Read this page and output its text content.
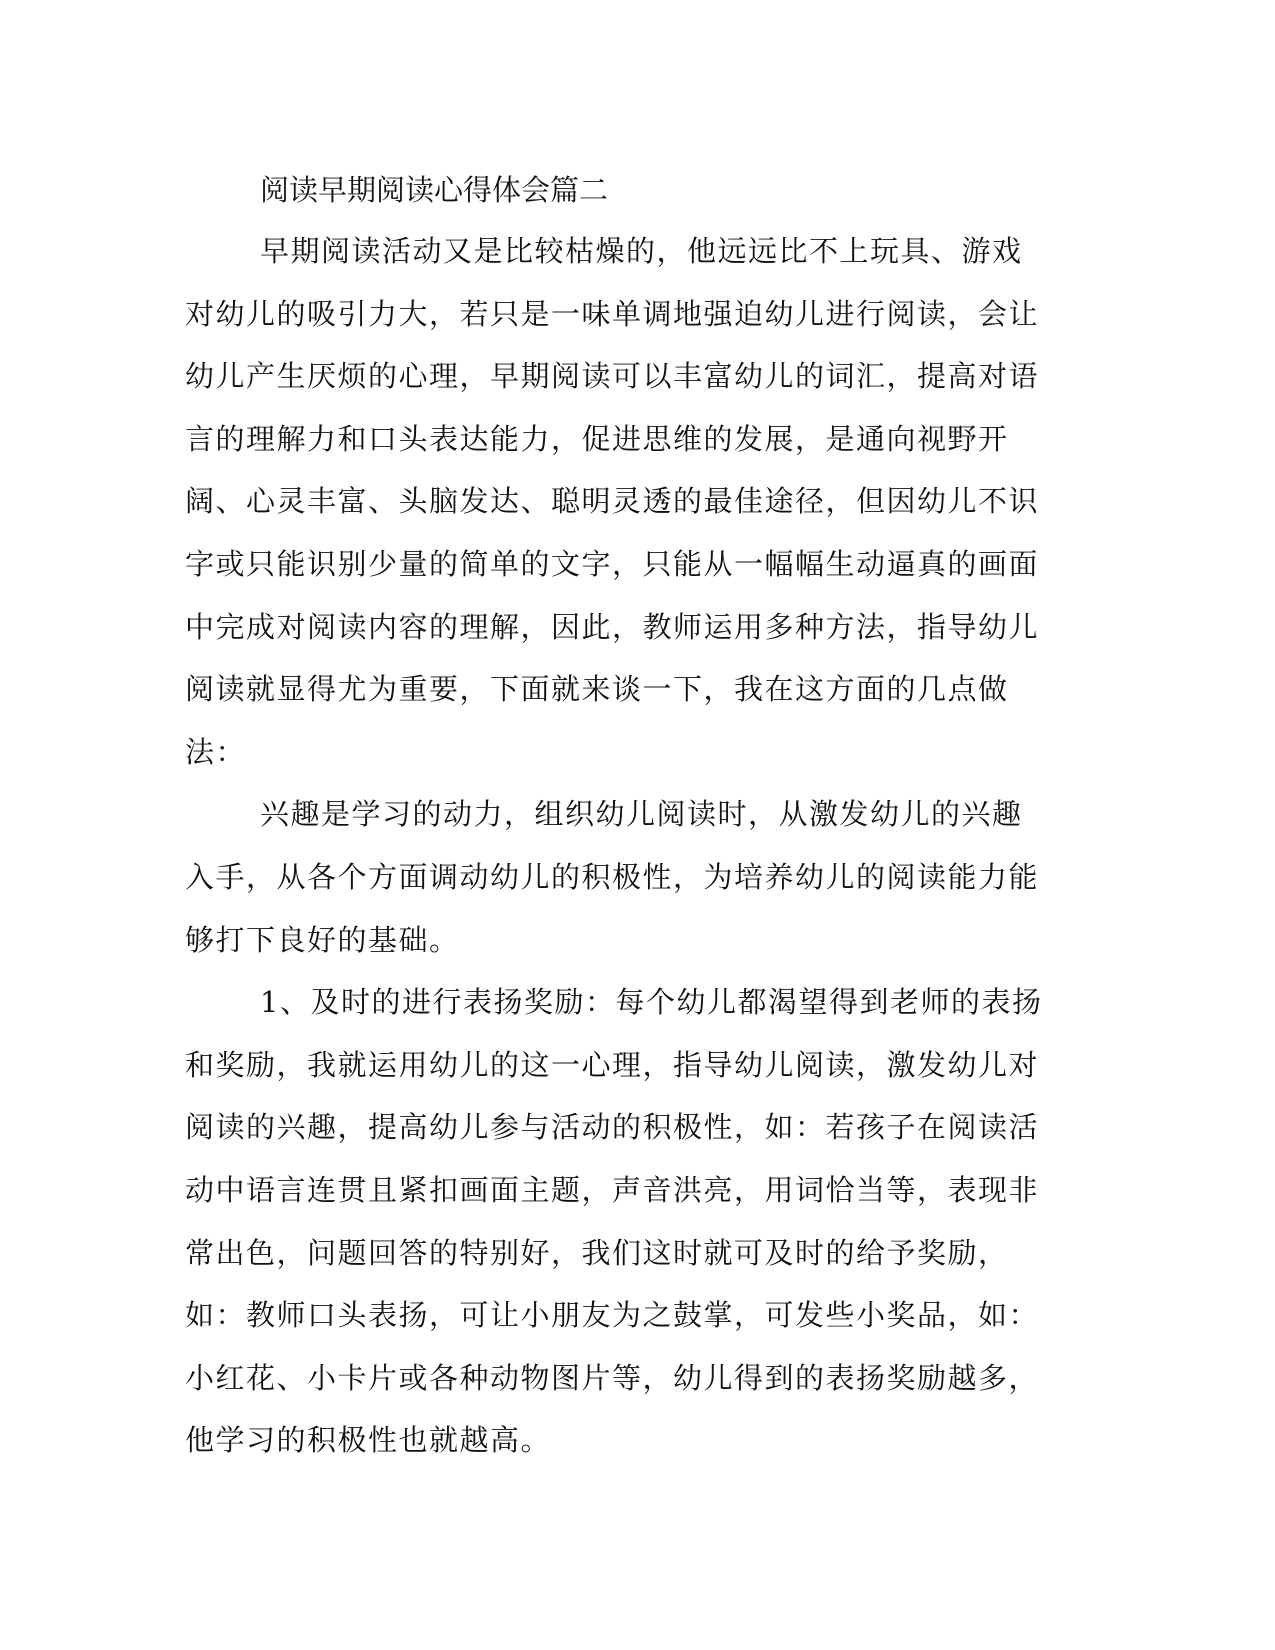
阅读早期阅读心得体会篇二

早期阅读活动又是比较枯燥的，他远远比不上玩具、游戏对幼儿的吸引力大，若只是一味单调地强迫幼儿进行阅读，会让幼儿产生厌烦的心理，早期阅读可以丰富幼儿的词汇，提高对语言的理解力和口头表达能力，促进思维的发展，是通向视野开阔、心灵丰富、头脑发达、聪明灵透的最佳途径，但因幼儿不识字或只能识别少量的简单的文字，只能从一幅幅生动逼真的画面中完成对阅读内容的理解，因此，教师运用多种方法，指导幼儿阅读就显得尤为重要，下面就来谈一下，我在这方面的几点做法：

兴趣是学习的动力，组织幼儿阅读时，从激发幼儿的兴趣入手，从各个方面调动幼儿的积极性，为培养幼儿的阅读能力能够打下良好的基础。

1、及时的进行表扬奖励：每个幼儿都渴望得到老师的表扬和奖励，我就运用幼儿的这一心理，指导幼儿阅读，激发幼儿对阅读的兴趣，提高幼儿参与活动的积极性，如：若孩子在阅读活动中语言连贯且紧扣画面主题，声音洪亮，用词恰当等，表现非常出色，问题回答的特别好，我们这时就可及时的给予奖励，如：教师口头表扬，可让小朋友为之鼓掌，可发些小奖品，如：小红花、小卡片或各种动物图片等，幼儿得到的表扬奖励越多，他学习的积极性也就越高。
